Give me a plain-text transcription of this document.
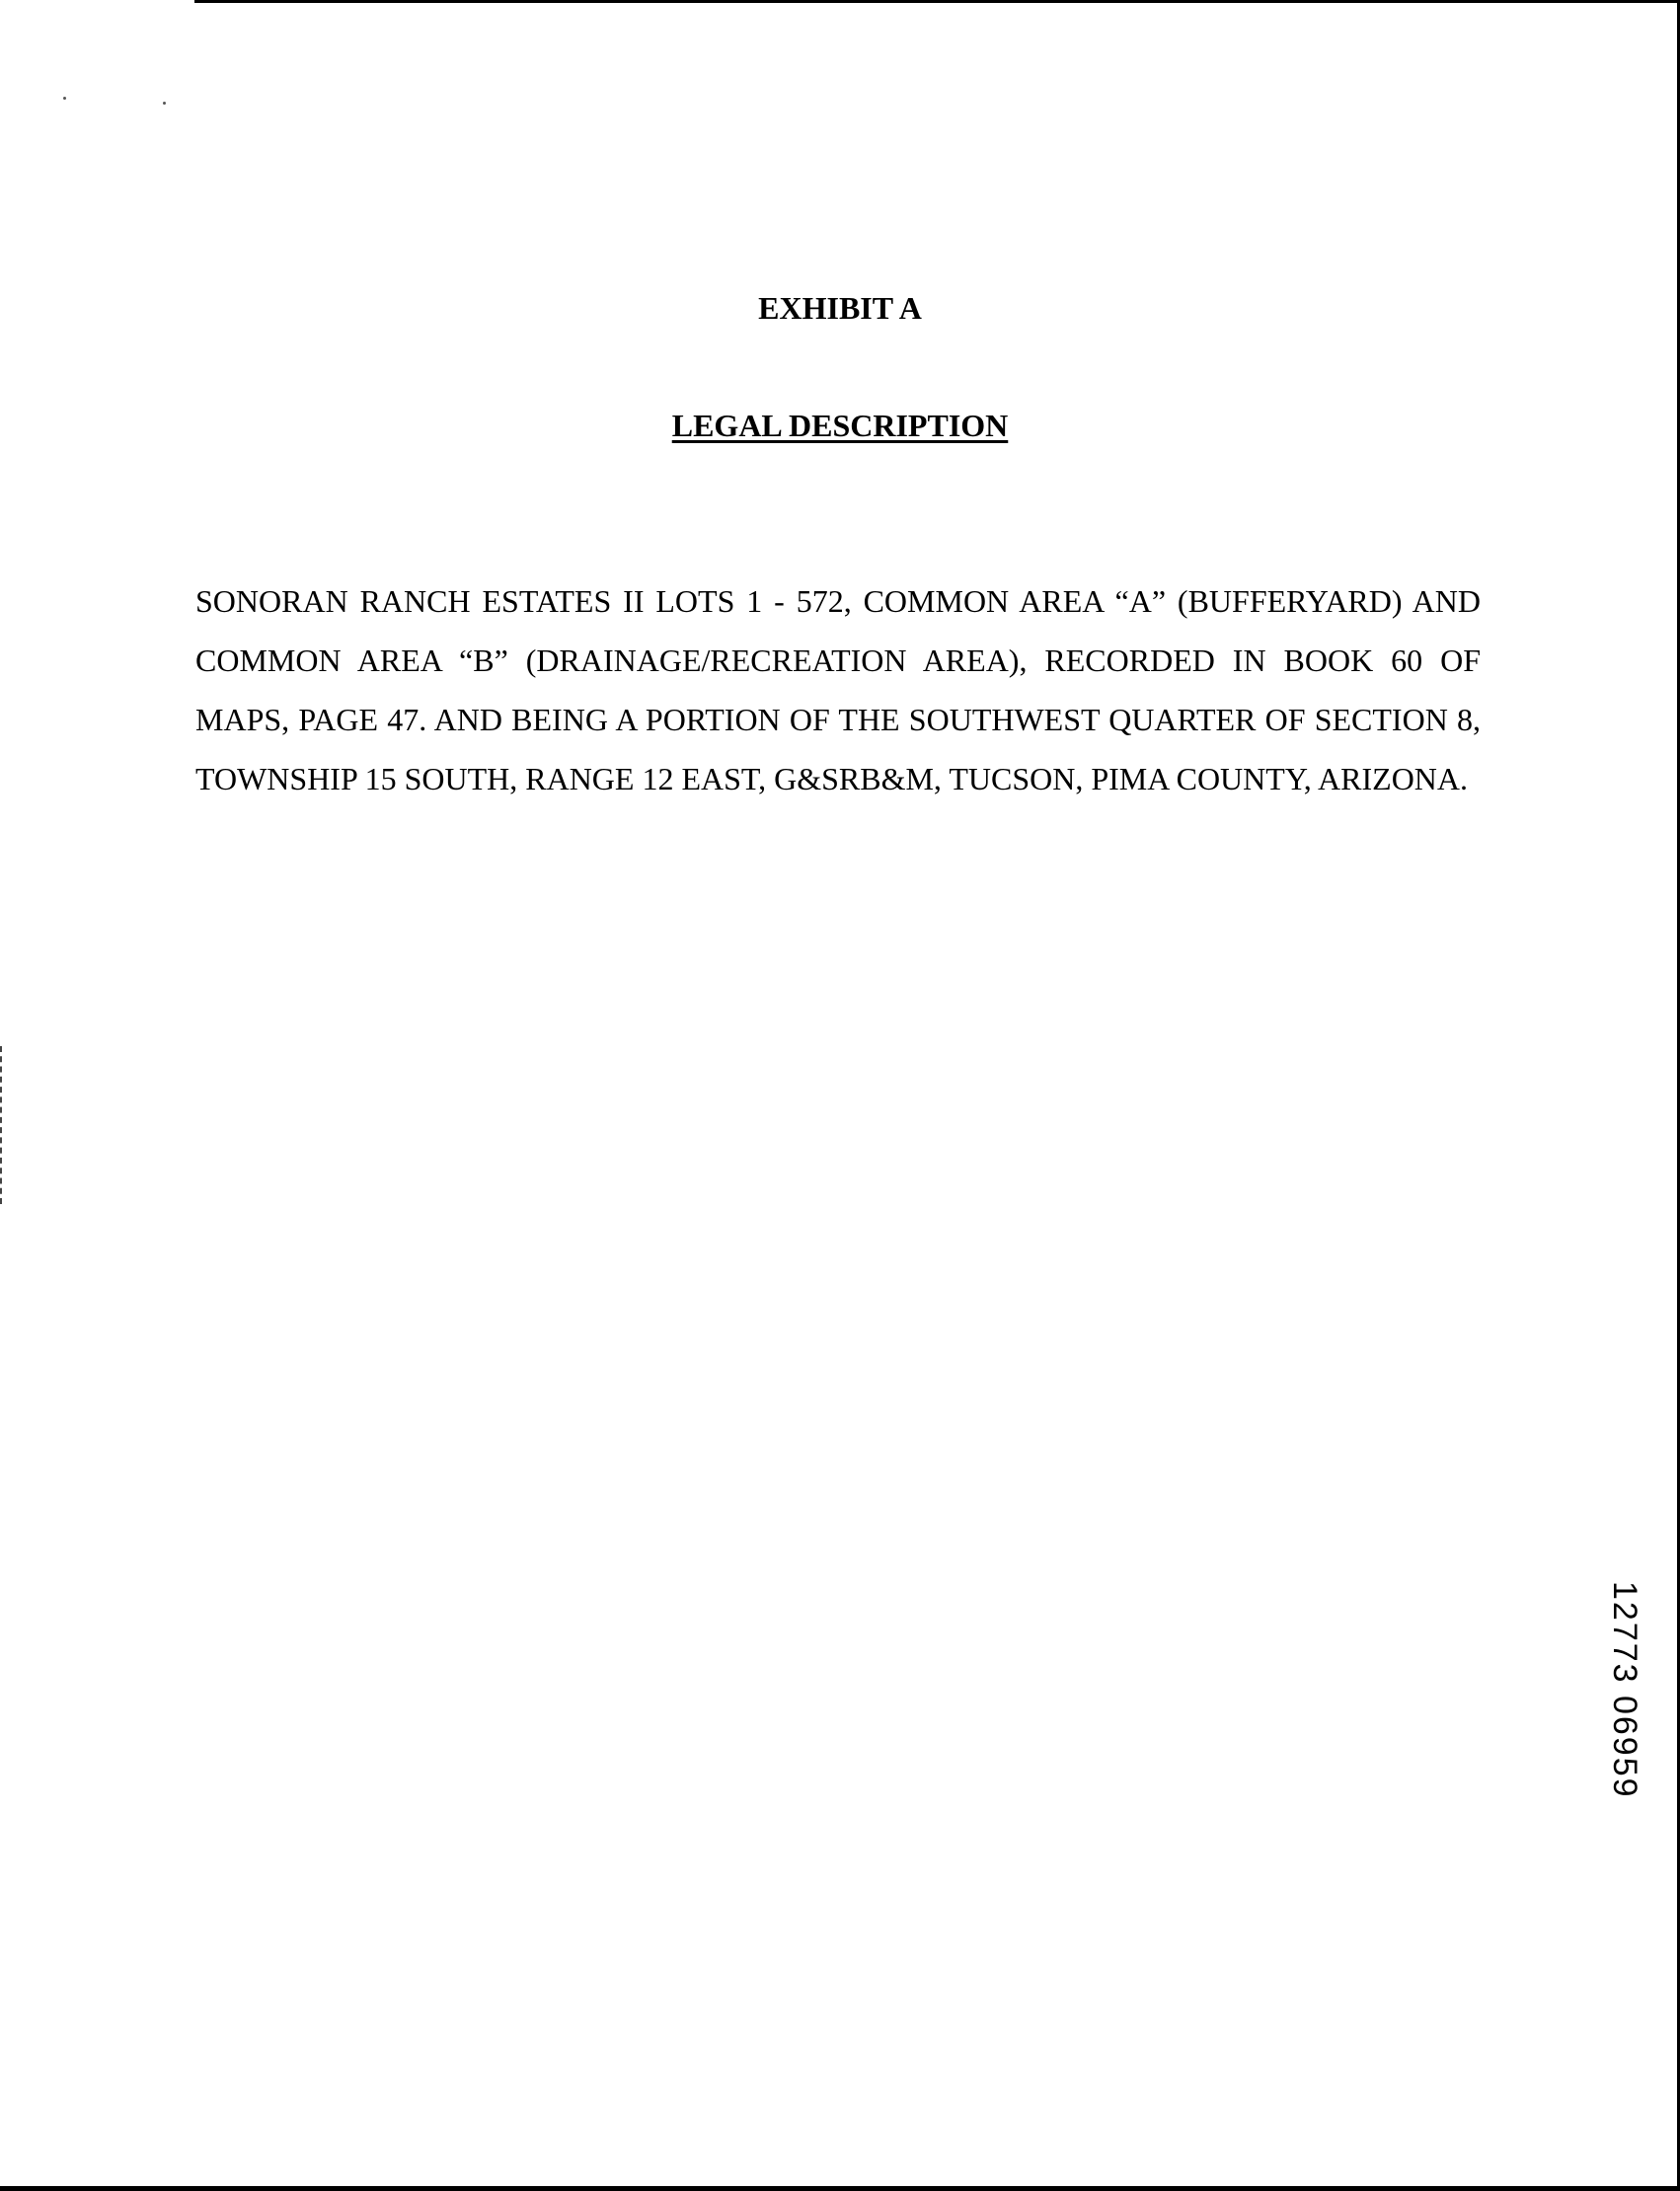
EXHIBIT A
LEGAL DESCRIPTION

SONORAN RANCH ESTATES II LOTS 1 - 572, COMMON AREA “A” (BUFFERYARD) AND COMMON AREA “B” (DRAINAGE/RECREATION AREA), RECORDED IN BOOK 60 OF MAPS, PAGE 47. AND BEING A PORTION OF THE SOUTHWEST QUARTER OF SECTION 8, TOWNSHIP 15 SOUTH, RANGE 12 EAST, G&SRB&M, TUCSON, PIMA COUNTY, ARIZONA.

12773 06959
